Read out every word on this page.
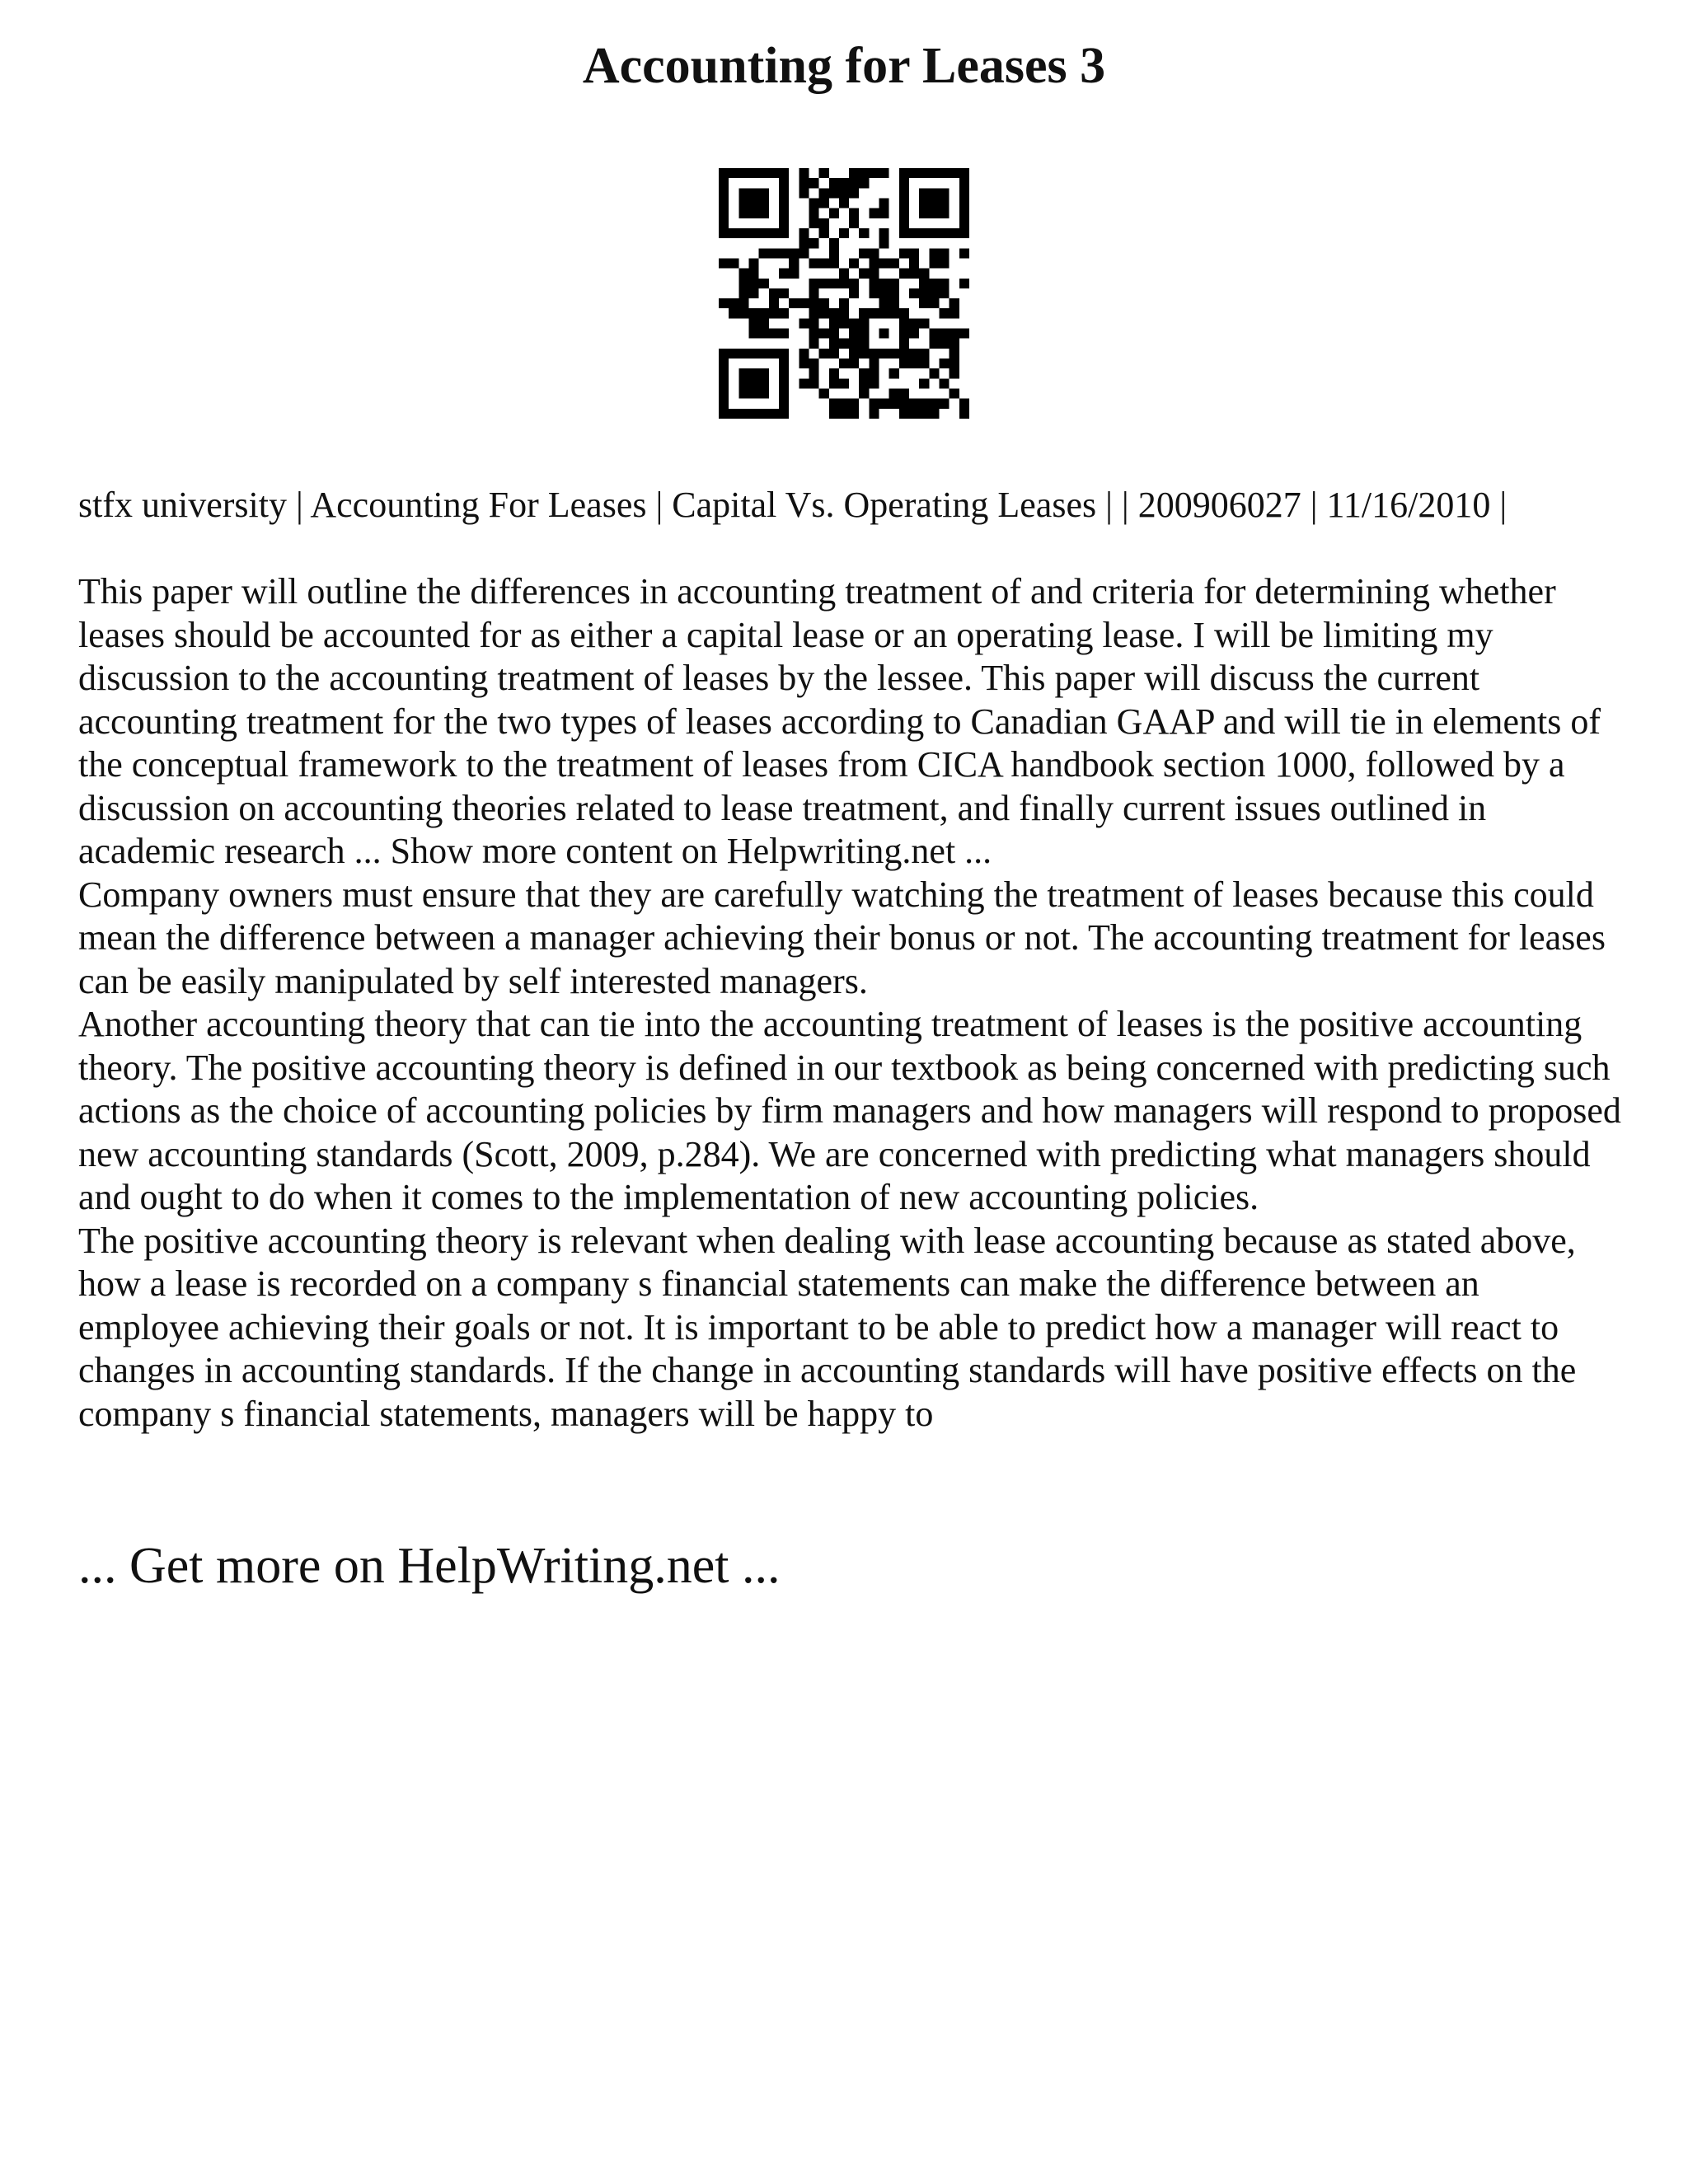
Accounting for Leases 3

stfx university | Accounting For Leases | Capital Vs. Operating Leases | | 200906027 | 11/16/2010 |

This paper will outline the differences in accounting treatment of and criteria for determining whether leases should be accounted for as either a capital lease or an operating lease. I will be limiting my discussion to the accounting treatment of leases by the lessee. This paper will discuss the current accounting treatment for the two types of leases according to Canadian GAAP and will tie in elements of the conceptual framework to the treatment of leases from CICA handbook section 1000, followed by a discussion on accounting theories related to lease treatment, and finally current issues outlined in academic research ... Show more content on Helpwriting.net ...

Company owners must ensure that they are carefully watching the treatment of leases because this could mean the difference between a manager achieving their bonus or not. The accounting treatment for leases can be easily manipulated by self interested managers.

Another accounting theory that can tie into the accounting treatment of leases is the positive accounting theory. The positive accounting theory is defined in our textbook as being concerned with predicting such actions as the choice of accounting policies by firm managers and how managers will respond to proposed new accounting standards (Scott, 2009, p.284). We are concerned with predicting what managers should and ought to do when it comes to the implementation of new accounting policies.

The positive accounting theory is relevant when dealing with lease accounting because as stated above, how a lease is recorded on a company s financial statements can make the difference between an employee achieving their goals or not. It is important to be able to predict how a manager will react to changes in accounting standards. If the change in accounting standards will have positive effects on the company s financial statements, managers will be happy to

... Get more on HelpWriting.net ...
